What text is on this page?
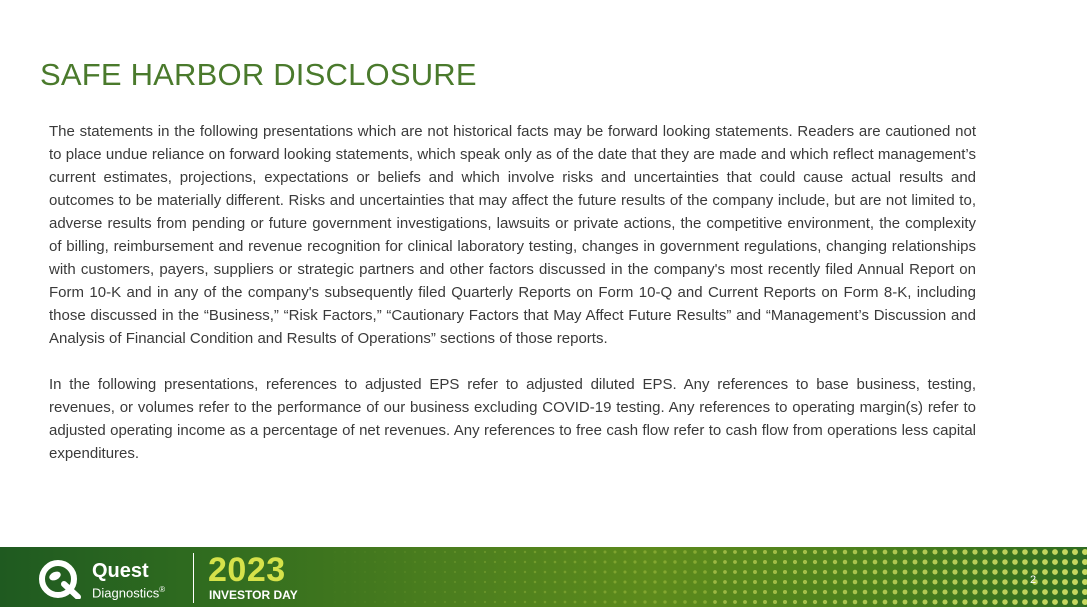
SAFE HARBOR DISCLOSURE

The statements in the following presentations which are not historical facts may be forward looking statements. Readers are cautioned not to place undue reliance on forward looking statements, which speak only as of the date that they are made and which reflect management’s current estimates, projections, expectations or beliefs and which involve risks and uncertainties that could cause actual results and outcomes to be materially different. Risks and uncertainties that may affect the future results of the company include, but are not limited to, adverse results from pending or future government investigations, lawsuits or private actions, the competitive environment, the complexity of billing, reimbursement and revenue recognition for clinical laboratory testing, changes in government regulations, changing relationships with customers, payers, suppliers or strategic partners and other factors discussed in the company's most recently filed Annual Report on Form 10-K and in any of the company's subsequently filed Quarterly Reports on Form 10-Q and Current Reports on Form 8-K, including those discussed in the “Business,” “Risk Factors,” “Cautionary Factors that May Affect Future Results” and “Management’s Discussion and Analysis of Financial Condition and Results of Operations” sections of those reports.

In the following presentations, references to adjusted EPS refer to adjusted diluted EPS. Any references to base business, testing, revenues, or volumes refer to the performance of our business excluding COVID-19 testing. Any references to operating margin(s) refer to adjusted operating income as a percentage of net revenues. Any references to free cash flow refer to cash flow from operations less capital expenditures.

Quest
Diagnostics®
2023
INVESTOR DAY
2
